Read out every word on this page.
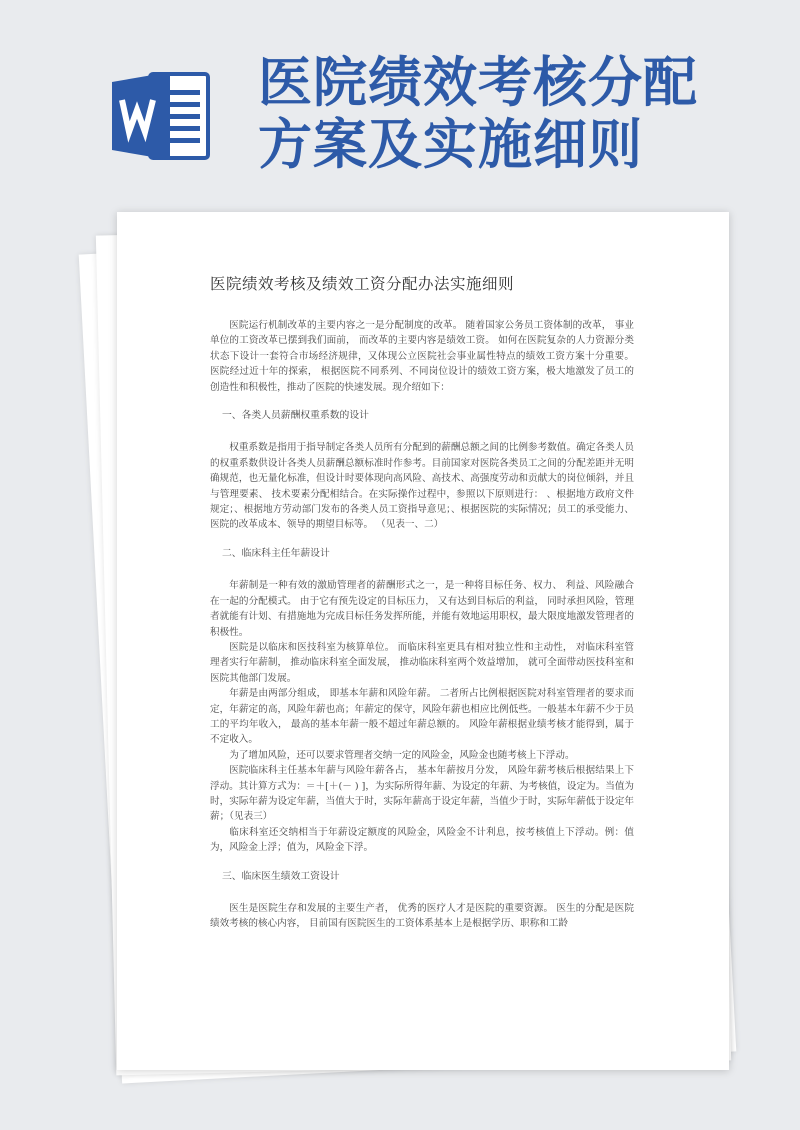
医院绩效考核分配
方案及实施细则
医院绩效考核及绩效工资分配办法实施细则

医院运行机制改革的主要内容之一是分配制度的改革。 随着国家公务员工资体制的改革， 事业单位的工资改革已摆到我们面前， 而改革的主要内容是绩效工资。 如何在医院复杂的人力资源分类状态下设计一套符合市场经济规律，又体现公立医院社会事业属性特点的绩效工资方案十分重要。 医院经过近十年的探索， 根据医院不同系列、不同岗位设计的绩效工资方案，极大地激发了员工的创造性和积极性，推动了医院的快速发展。现介绍如下：

一、各类人员薪酬权重系数的设计

权重系数是指用于指导制定各类人员所有分配到的薪酬总额之间的比例参考数值。确定各类人员的权重系数供设计各类人员薪酬总额标准时作参考。目前国家对医院各类员工之间的分配差距并无明确规范，也无量化标准，但设计时要体现向高风险、高技术、高强度劳动和贡献大的岗位倾斜，并且与管理要素、 技术要素分配相结合。在实际操作过程中，参照以下原则进行： 、根据地方政府文件规定；、根据地方劳动部门发布的各类人员工资指导意见；、根据医院的实际情况；员工的承受能力、医院的改革成本、领导的期望目标等。 （见表一、二）

二、临床科主任年薪设计

年薪制是一种有效的激励管理者的薪酬形式之一，是一种将目标任务、权力、 利益、风险融合在一起的分配模式。 由于它有预先设定的目标压力， 又有达到目标后的利益， 同时承担风险，管理者就能有计划、有措施地为完成目标任务发挥所能，并能有效地运用职权，最大限度地激发管理者的积极性。

医院是以临床和医技科室为核算单位。 而临床科室更具有相对独立性和主动性， 对临床科室管理者实行年薪制， 推动临床科室全面发展， 推动临床科室两个效益增加， 就可全面带动医技科室和医院其他部门发展。

年薪是由两部分组成， 即基本年薪和风险年薪。 二者所占比例根据医院对科室管理者的要求而定，年薪定的高，风险年薪也高；年薪定的保守，风险年薪也相应比例低些。一般基本年薪不少于员工的平均年收入， 最高的基本年薪一般不超过年薪总额的。 风险年薪根据业绩考核才能得到，属于不定收入。

为了增加风险，还可以要求管理者交纳一定的风险金，风险金也随考核上下浮动。

医院临床科主任基本年薪与风险年薪各占， 基本年薪按月分发， 风险年薪考核后根据结果上下浮动。其计算方式为：＝＋[＋(－ ) ]，为实际所得年薪、为设定的年薪、为考核值，设定为。当值为时，实际年薪为设定年薪，当值大于时，实际年薪高于设定年薪，当值少于时，实际年薪低于设定年薪；（见表三）

临床科室还交纳相当于年薪设定额度的风险金，风险金不计利息，按考核值上下浮动。例：值为，风险金上浮；值为，风险金下浮。

三、临床医生绩效工资设计

医生是医院生存和发展的主要生产者， 优秀的医疗人才是医院的重要资源。 医生的分配是医院绩效考核的核心内容， 目前国有医院医生的工资体系基本上是根据学历、职称和工龄
